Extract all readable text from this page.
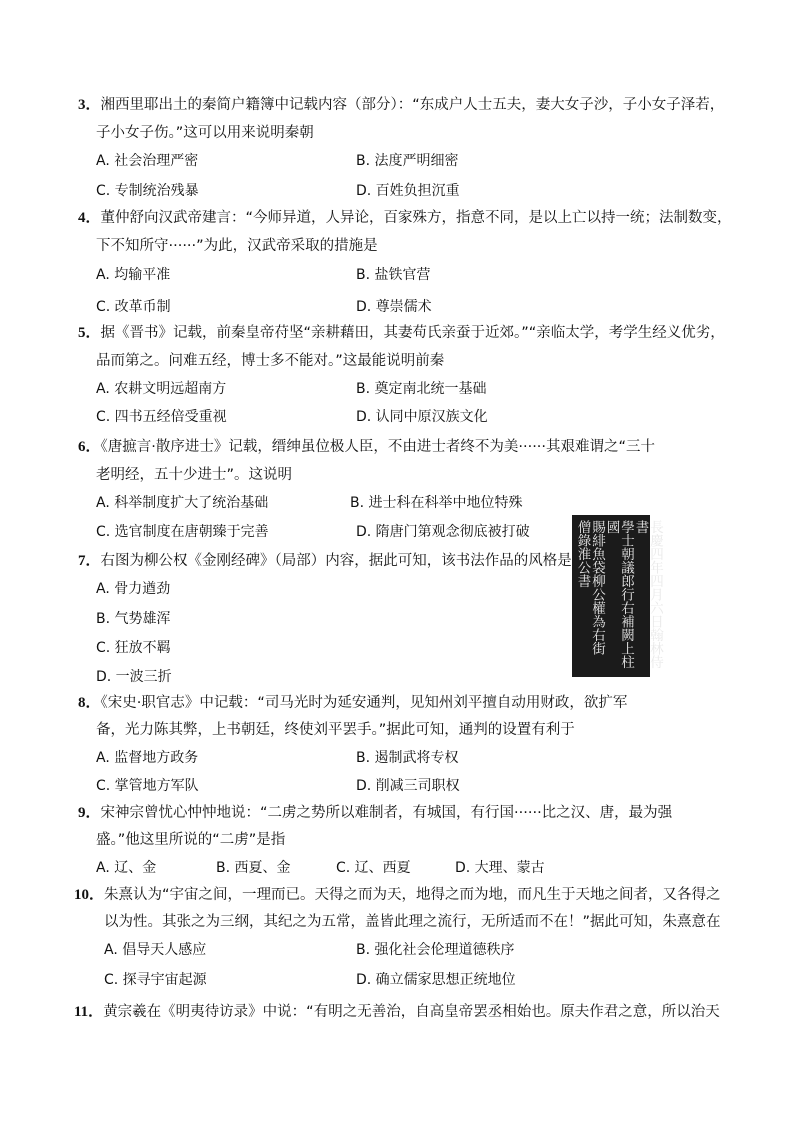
3．湘西里耶出土的秦简户籍簿中记载内容（部分）：“东成户人士五夫，妻大女子沙，子小女子泽若，
子小女子伤。”这可以用来说明秦朝
A. 社会治理严密	B. 法度严明细密
C. 专制统治残暴	D. 百姓负担沉重
4．董仲舒向汉武帝建言：“今师异道，人异论，百家殊方，指意不同，是以上亡以持一统；法制数变，
下不知所守······”为此，汉武帝采取的措施是
A. 均输平准	B. 盐铁官营
C. 改革币制	D. 尊崇儒术
5．据《晋书》记载，前秦皇帝苻坚“亲耕藉田，其妻苟氏亲蚕于近郊。”“亲临太学，考学生经义优劣，
品而第之。问难五经，博士多不能对。”这最能说明前秦
A. 农耕文明远超南方	B. 奠定南北统一基础
C. 四书五经倍受重视	D. 认同中原汉族文化
6．《唐摭言·散序进士》记载，缙绅虽位极人臣，不由进士者终不为美······其艰难谓之“三十
老明经，五十少进士”。这说明
A. 科举制度扩大了统治基础	B. 进士科在科举中地位特殊
C. 选官制度在唐朝臻于完善	D. 隋唐门第观念彻底被打破
7．右图为柳公权《金刚经碑》（局部）内容，据此可知，该书法作品的风格是
A. 骨力遒劲
B. 气势雄浑
C. 狂放不羁
D. 一波三折
長慶四年四月六日翰林侍書
學士朝議郎行右補闕上柱國
賜緋魚袋柳公權為右街
僧錄淮公書
8．《宋史·职官志》中记载：“司马光时为延安通判，见知州刘平擅自动用财政，欲扩军
备，光力陈其弊，上书朝廷，终使刘平罢手。”据此可知，通判的设置有利于
A. 监督地方政务	B. 遏制武将专权
C. 掌管地方军队	D. 削减三司职权
9．宋神宗曾忧心忡忡地说：“二虏之势所以难制者，有城国，有行国······比之汉、唐，最为强
盛。”他这里所说的“二虏”是指
A. 辽、金	B. 西夏、金	C. 辽、西夏	D. 大理、蒙古
10．朱熹认为“宇宙之间，一理而已。天得之而为天，地得之而为地，而凡生于天地之间者，又各得之
以为性。其张之为三纲，其纪之为五常，盖皆此理之流行，无所适而不在！”据此可知，朱熹意在
A. 倡导天人感应	B. 强化社会伦理道德秩序
C. 探寻宇宙起源	D. 确立儒家思想正统地位
11．黄宗羲在《明夷待访录》中说：“有明之无善治，自高皇帝罢丞相始也。原夫作君之意，所以治天
